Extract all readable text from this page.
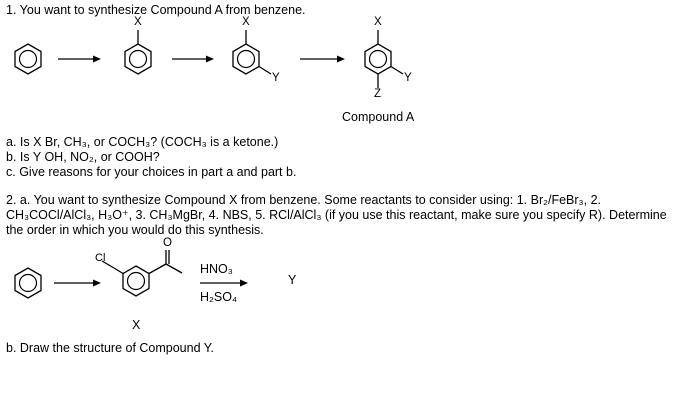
1. You want to synthesize Compound A from benzene.
X	X	X
Y	Y
Z
Compound A
a. Is X Br, CH₃, or COCH₃? (COCH₃ is a ketone.)
b. Is Y OH, NO₂, or COOH?
c. Give reasons for your choices in part a and part b.
2. a. You want to synthesize Compound X from benzene. Some reactants to consider using: 1. Br₂/FeBr₃, 2.
CH₃COCl/AlCl₃, H₃O⁺, 3. CH₃MgBr, 4. NBS, 5. RCl/AlCl₃ (if you use this reactant, make sure you specify R). Determine
the order in which you would do this synthesis.
Cl
O
HNO₃
H₂SO₄
Y
X
b. Draw the structure of Compound Y.
